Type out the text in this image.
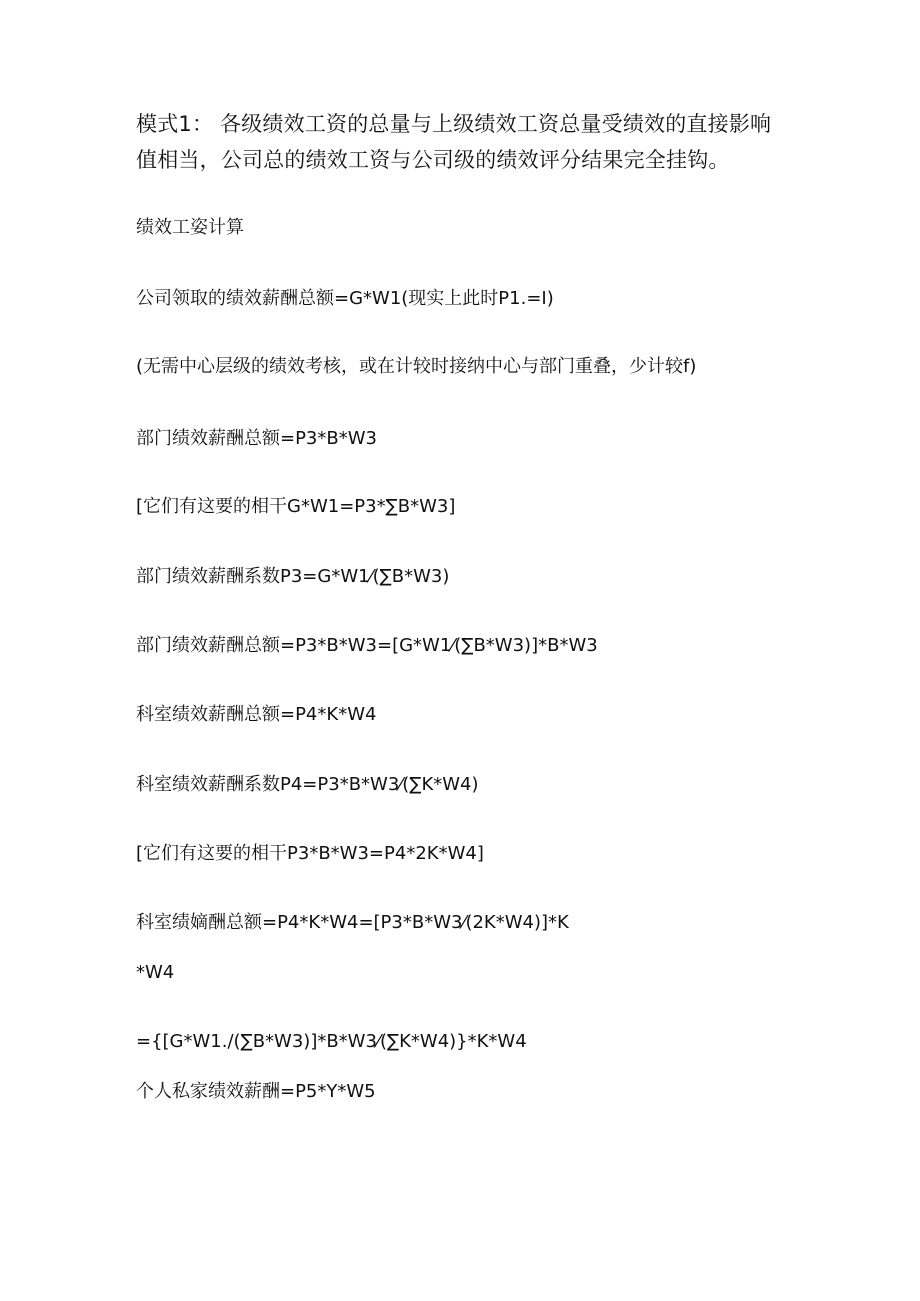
模式1： 各级绩效工资的总量与上级绩效工资总量受绩效的直接影响
值相当，公司总的绩效工资与公司级的绩效评分结果完全挂钩。
绩效工姿计算
公司领取的绩效薪酬总额=G*W1(现实上此时P1.=I)
(无需中心层级的绩效考核，或在计较时接纳中心与部门重叠，少计较f)
部门绩效薪酬总额=P3*B*W3
[它们有这要的相干G*W1=P3*∑B*W3]
部门绩效薪酬系数P3=G*W1⁄(∑B*W3)
部门绩效薪酬总额=P3*B*W3=[G*W1⁄(∑B*W3)]*B*W3
科室绩效薪酬总额=P4*K*W4
科室绩效薪酬系数P4=P3*B*W3⁄(∑K*W4)
[它们有这要的相干P3*B*W3=P4*2K*W4]
科室绩嫡酬总额=P4*K*W4=[P3*B*W3⁄(2K*W4)]*K
*W4
={[G*W1./(∑B*W3)]*B*W3⁄(∑K*W4)}*K*W4
个人私家绩效薪酬=P5*Y*W5
